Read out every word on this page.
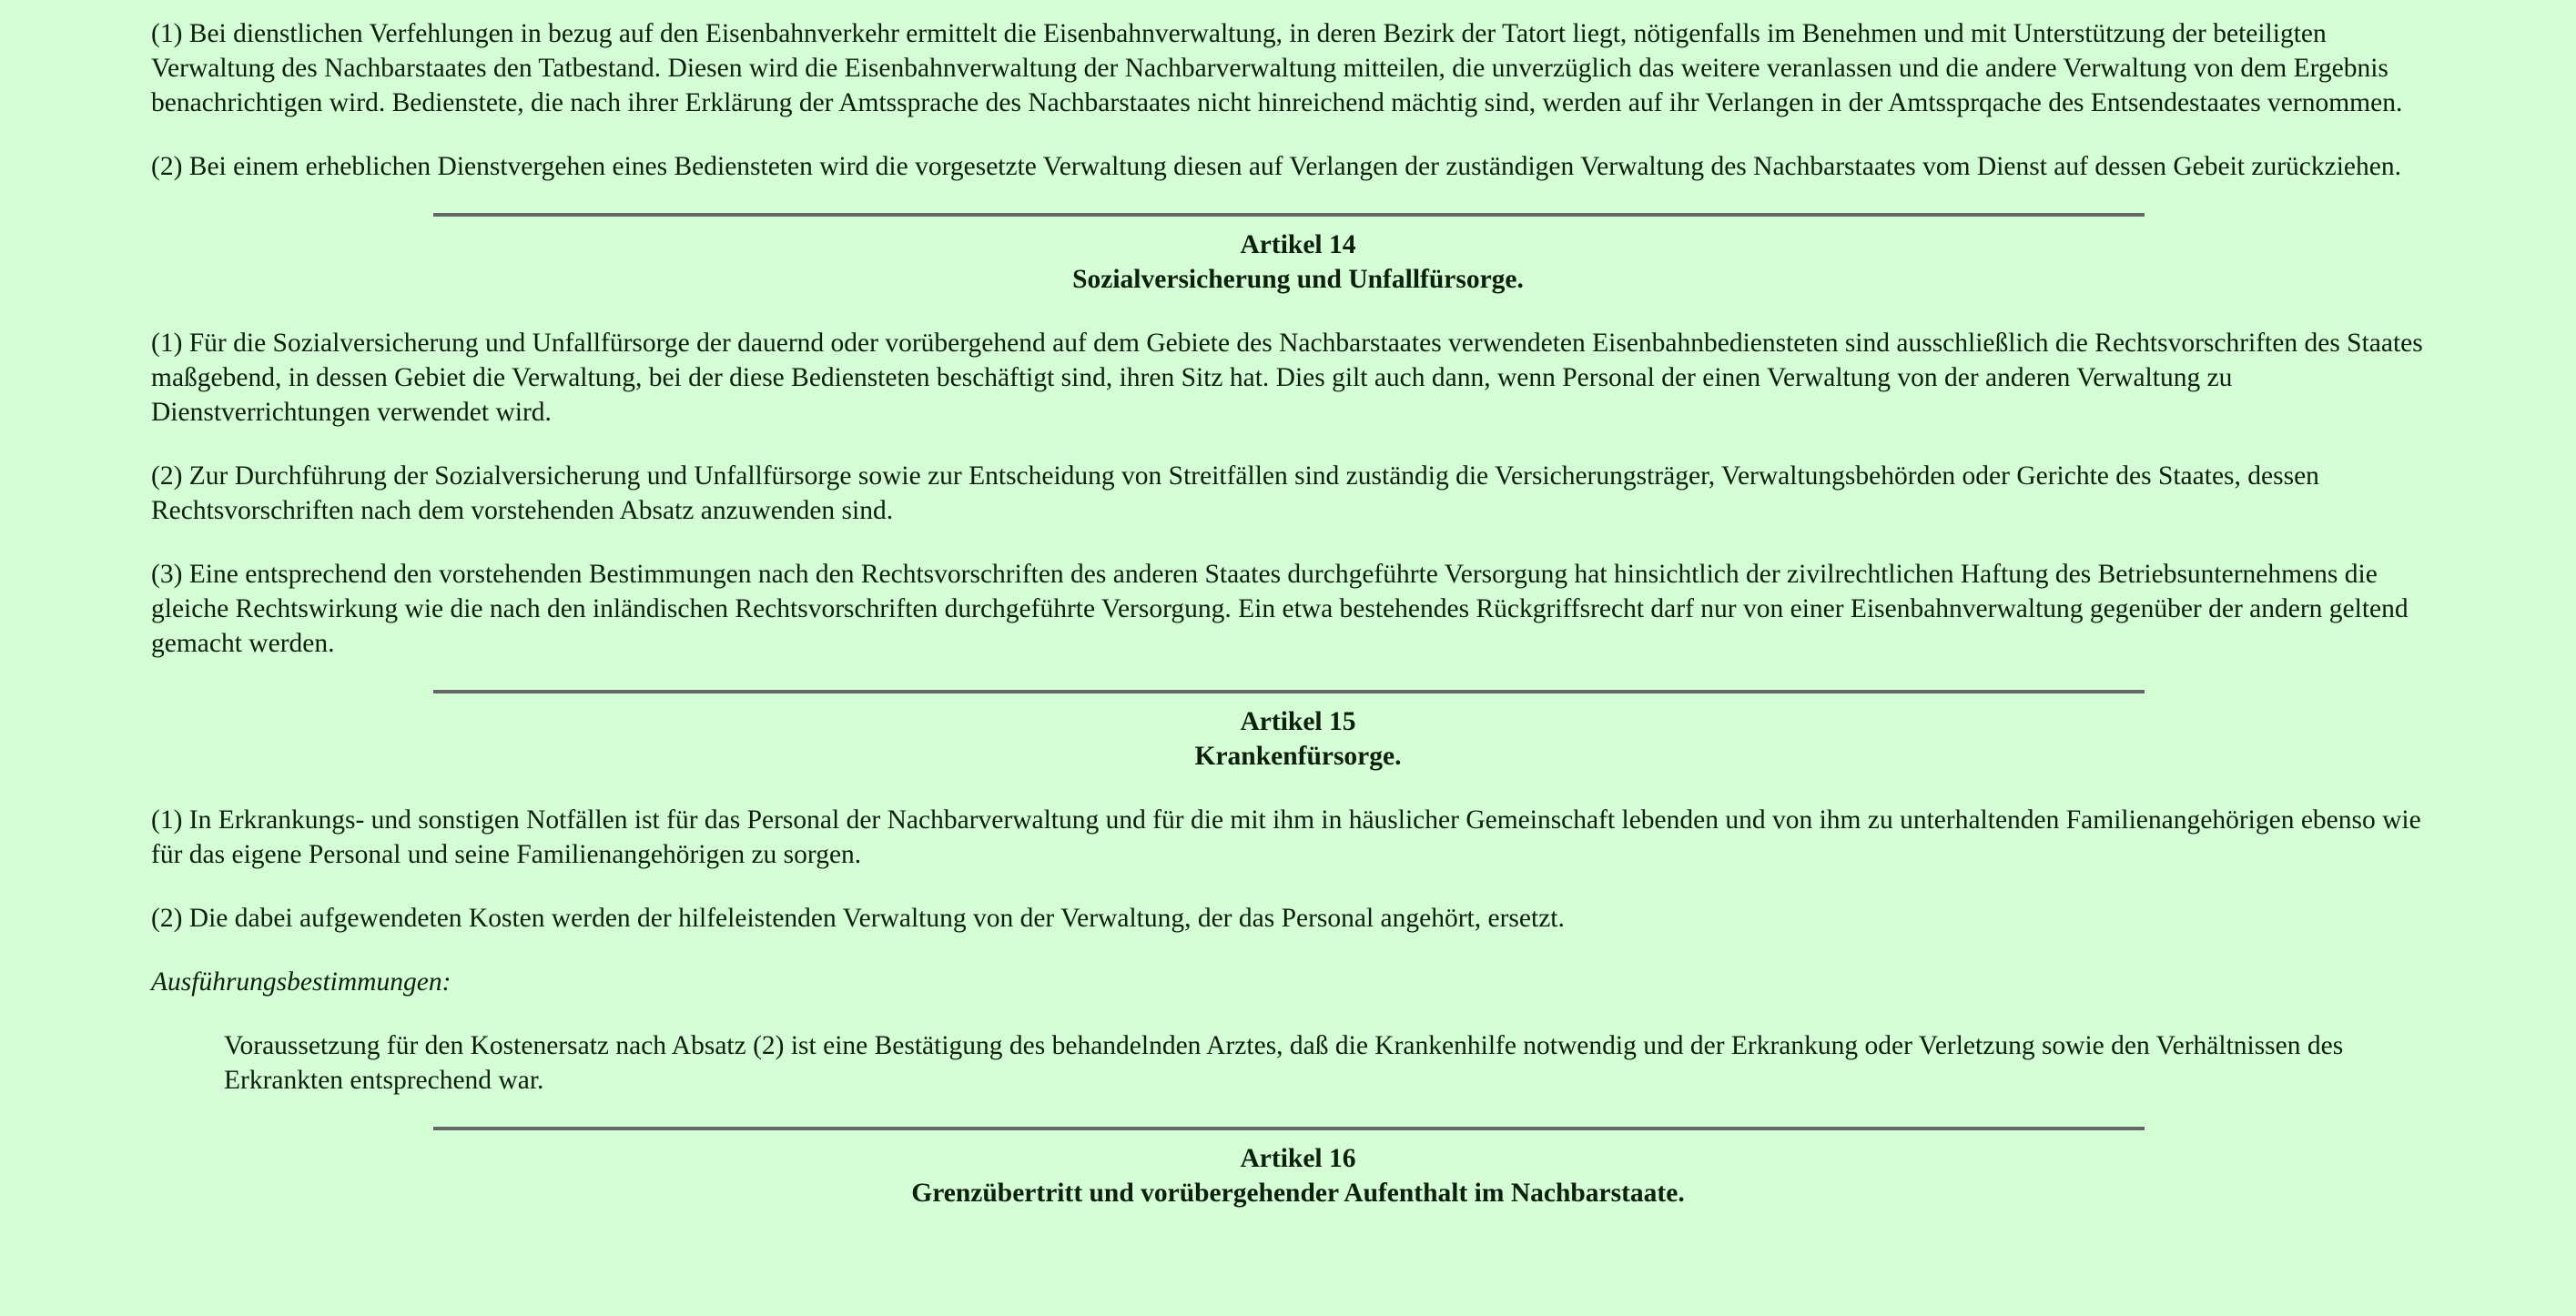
(1) Bei dienstlichen Verfehlungen in bezug auf den Eisenbahnverkehr ermittelt die Eisenbahnverwaltung, in deren Bezirk der Tatort liegt, nötigenfalls im Benehmen und mit Unterstützung der beteiligten Verwaltung des Nachbarstaates den Tatbestand. Diesen wird die Eisenbahnverwaltung der Nachbarverwaltung mitteilen, die unverzüglich das weitere veranlassen und die andere Verwaltung von dem Ergebnis benachrichtigen wird. Bedienstete, die nach ihrer Erklärung der Amtssprache des Nachbarstaates nicht hinreichend mächtig sind, werden auf ihr Verlangen in der Amtssprqache des Entsendestaates vernommen.

(2) Bei einem erheblichen Dienstvergehen eines Bediensteten wird die vorgesetzte Verwaltung diesen auf Verlangen der zuständigen Verwaltung des Nachbarstaates vom Dienst auf dessen Gebeit zurückziehen.

Artikel 14
Sozialversicherung und Unfallfürsorge.

(1) Für die Sozialversicherung und Unfallfürsorge der dauernd oder vorübergehend auf dem Gebiete des Nachbarstaates verwendeten Eisenbahnbediensteten sind ausschließlich die Rechtsvorschriften des Staates maßgebend, in dessen Gebiet die Verwaltung, bei der diese Bediensteten beschäftigt sind, ihren Sitz hat. Dies gilt auch dann, wenn Personal der einen Verwaltung von der anderen Verwaltung zu Dienstverrichtungen verwendet wird.

(2) Zur Durchführung der Sozialversicherung und Unfallfürsorge sowie zur Entscheidung von Streitfällen sind zuständig die Versicherungsträger, Verwaltungsbehörden oder Gerichte des Staates, dessen Rechtsvorschriften nach dem vorstehenden Absatz anzuwenden sind.

(3) Eine entsprechend den vorstehenden Bestimmungen nach den Rechtsvorschriften des anderen Staates durchgeführte Versorgung hat hinsichtlich der zivilrechtlichen Haftung des Betriebsunternehmens die gleiche Rechtswirkung wie die nach den inländischen Rechtsvorschriften durchgeführte Versorgung. Ein etwa bestehendes Rückgriffsrecht darf nur von einer Eisenbahnverwaltung gegenüber der andern geltend gemacht werden.

Artikel 15
Krankenfürsorge.

(1) In Erkrankungs- und sonstigen Notfällen ist für das Personal der Nachbarverwaltung und für die mit ihm in häuslicher Gemeinschaft lebenden und von ihm zu unterhaltenden Familienangehörigen ebenso wie für das eigene Personal und seine Familienangehörigen zu sorgen.

(2) Die dabei aufgewendeten Kosten werden der hilfeleistenden Verwaltung von der Verwaltung, der das Personal angehört, ersetzt.

Ausführungsbestimmungen:

Voraussetzung für den Kostenersatz nach Absatz (2) ist eine Bestätigung des behandelnden Arztes, daß die Krankenhilfe notwendig und der Erkrankung oder Verletzung sowie den Verhältnissen des Erkrankten entsprechend war.

Artikel 16
Grenzübertritt und vorübergehender Aufenthalt im Nachbarstaate.
